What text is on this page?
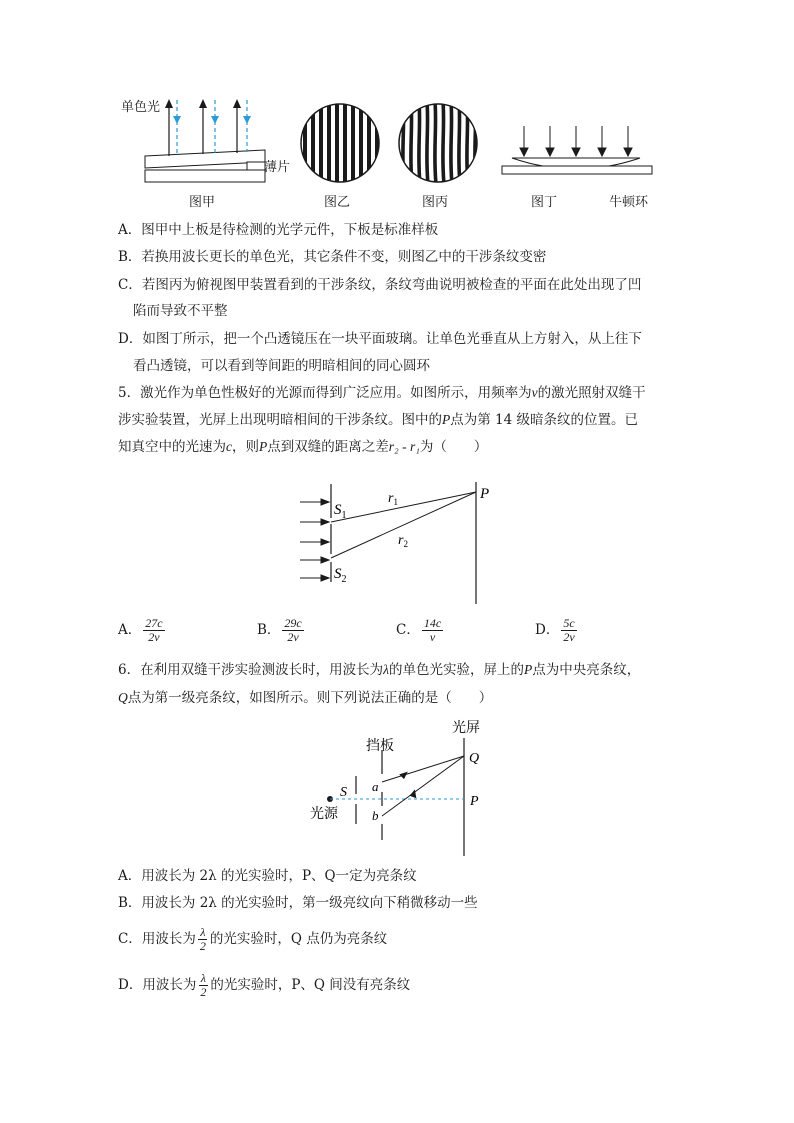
单色光
薄片
图甲	图乙	图丙	图丁	牛顿环
A．图甲中上板是待检测的光学元件，下板是标准样板
B．若换用波长更长的单色光，其它条件不变，则图乙中的干涉条纹变密
C．若图丙为俯视图甲装置看到的干涉条纹，条纹弯曲说明被检查的平面在此处出现了凹
陷而导致不平整
D．如图丁所示，把一个凸透镜压在一块平面玻璃。让单色光垂直从上方射入，从上往下
看凸透镜，可以看到等间距的明暗相间的同心圆环
5．激光作为单色性极好的光源而得到广泛应用。如图所示，用频率为ν的激光照射双缝干
涉实验装置，光屏上出现明暗相间的干涉条纹。图中的P点为第 14 级暗条纹的位置。已
知真空中的光速为c，则P点到双缝的距离之差r₂ - r₁为（　　）
$S_1$
$S_2$
$r_1$
$r_2$
P
A． $\frac{27c}{2\nu}$	B． $\frac{29c}{2\nu}$	C． $\frac{14c}{\nu}$	D． $\frac{5c}{2\nu}$
6．在利用双缝干涉实验测波长时，用波长为λ的单色光实验，屏上的P点为中央亮条纹，
Q点为第一级亮条纹，如图所示。则下列说法正确的是（　　）
光屏
挡板
光源
S a
b
Q
P
A．用波长为 2λ 的光实验时，P、Q一定为亮条纹
B．用波长为 2λ 的光实验时，第一级亮纹向下稍微移动一些
C．用波长为 $\frac{\lambda}{2}$ 的光实验时，Q 点仍为亮条纹
D．用波长为 $\frac{\lambda}{2}$ 的光实验时，P、Q 间没有亮条纹
